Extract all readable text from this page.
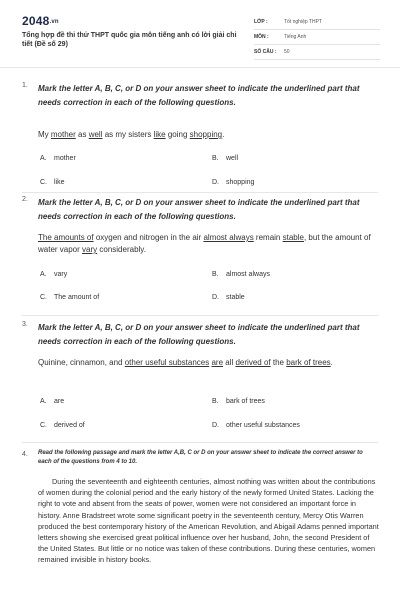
2048.vn
Tổng hợp đề thi thử THPT quốc gia môn tiếng anh có lời giải chi tiết (Đề số 29)
LỚP :	Tốt nghiệp THPT
MÔN :	Tiếng Anh
SỐ CÂU : 50
1. Mark the letter A, B, C, or D on your answer sheet to indicate the underlined part that needs correction in each of the following questions.
My mother as well as my sisters like going shopping.
A. mother	B. well
C. like	D. shopping
2. Mark the letter A, B, C, or D on your answer sheet to indicate the underlined part that needs correction in each of the following questions.
The amounts of oxygen and nitrogen in the air almost always remain stable, but the amount of water vapor vary considerably.
A. vary	B. almost always
C. The amount of	D. stable
3. Mark the letter A, B, C, or D on your answer sheet to indicate the underlined part that needs correction in each of the following questions.
Quinine, cinnamon, and other useful substances are all derived of the bark of trees.
A. are	B. bark of trees
C. derived of	D. other useful substances
4. Read the following passage and mark the letter A,B, C or D on your answer sheet to indicate the correct answer to each of the questions from 4 to 10.
During the seventeenth and eighteenth centuries, almost nothing was written about the contributions of women during the colonial period and the early history of the newly formed United States. Lacking the right to vote and absent from the seats of power, women were not considered an important force in history. Anne Bradstreet wrote some significant poetry in the seventeenth century, Mercy Otis Warren produced the best contemporary history of the American Revolution, and Abigail Adams penned important letters showing she exercised great political influence over her husband, John, the second President of the United States. But little or no notice was taken of these contributions. During these centuries, women remained invisible in history books.
